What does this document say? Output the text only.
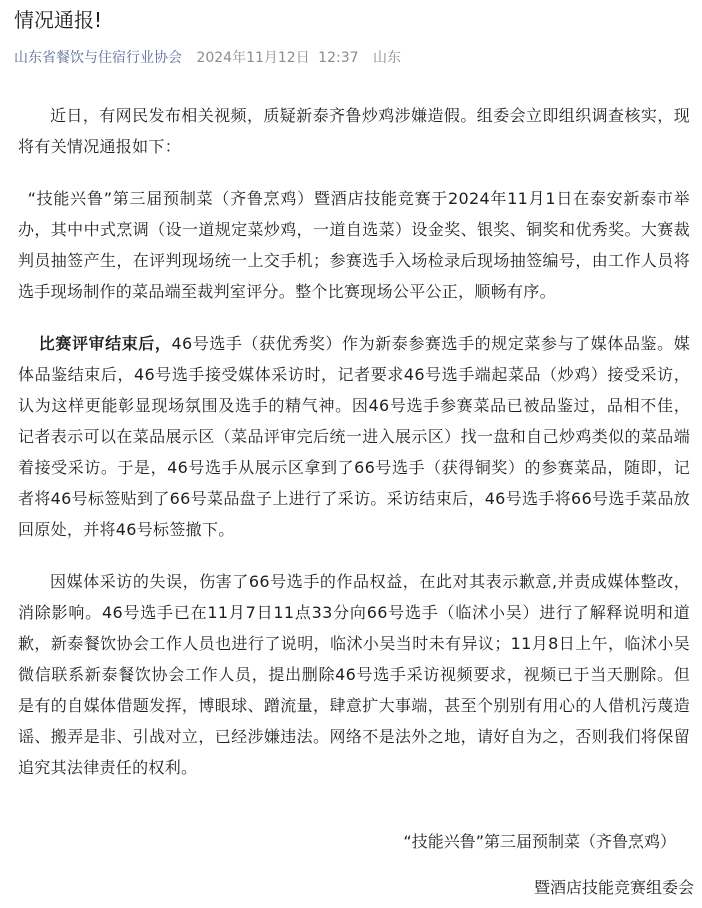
情况通报!
山东省餐饮与住宿行业协会 2024年11月12日 12:37 山东

近日，有网民发布相关视频，质疑新泰齐鲁炒鸡涉嫌造假。组委会立即组织调查核实，现将有关情况通报如下：

“技能兴鲁”第三届预制菜（齐鲁烹鸡）暨酒店技能竞赛于2024年11月1日在泰安新泰市举办，其中中式烹调（设一道规定菜炒鸡，一道自选菜）设金奖、银奖、铜奖和优秀奖。大赛裁判员抽签产生，在评判现场统一上交手机；参赛选手入场检录后现场抽签编号，由工作人员将选手现场制作的菜品端至裁判室评分。整个比赛现场公平公正，顺畅有序。

比赛评审结束后，46号选手（获优秀奖）作为新泰参赛选手的规定菜参与了媒体品鉴。媒体品鉴结束后，46号选手接受媒体采访时，记者要求46号选手端起菜品（炒鸡）接受采访，认为这样更能彰显现场氛围及选手的精气神。因46号选手参赛菜品已被品鉴过，品相不佳，记者表示可以在菜品展示区（菜品评审完后统一进入展示区）找一盘和自己炒鸡类似的菜品端着接受采访。于是，46号选手从展示区拿到了66号选手（获得铜奖）的参赛菜品，随即，记者将46号标签贴到了66号菜品盘子上进行了采访。采访结束后，46号选手将66号选手菜品放回原处，并将46号标签撤下。

因媒体采访的失误，伤害了66号选手的作品权益，在此对其表示歉意,并责成媒体整改，消除影响。46号选手已在11月7日11点33分向66号选手（临沭小吴）进行了解释说明和道歉，新泰餐饮协会工作人员也进行了说明，临沭小吴当时未有异议；11月8日上午，临沭小吴微信联系新泰餐饮协会工作人员，提出删除46号选手采访视频要求，视频已于当天删除。但是有的自媒体借题发挥，博眼球、蹭流量，肆意扩大事端，甚至个别别有用心的人借机污蔑造谣、搬弄是非、引战对立，已经涉嫌违法。网络不是法外之地，请好自为之，否则我们将保留追究其法律责任的权利。

“技能兴鲁”第三届预制菜（齐鲁烹鸡）
暨酒店技能竞赛组委会
